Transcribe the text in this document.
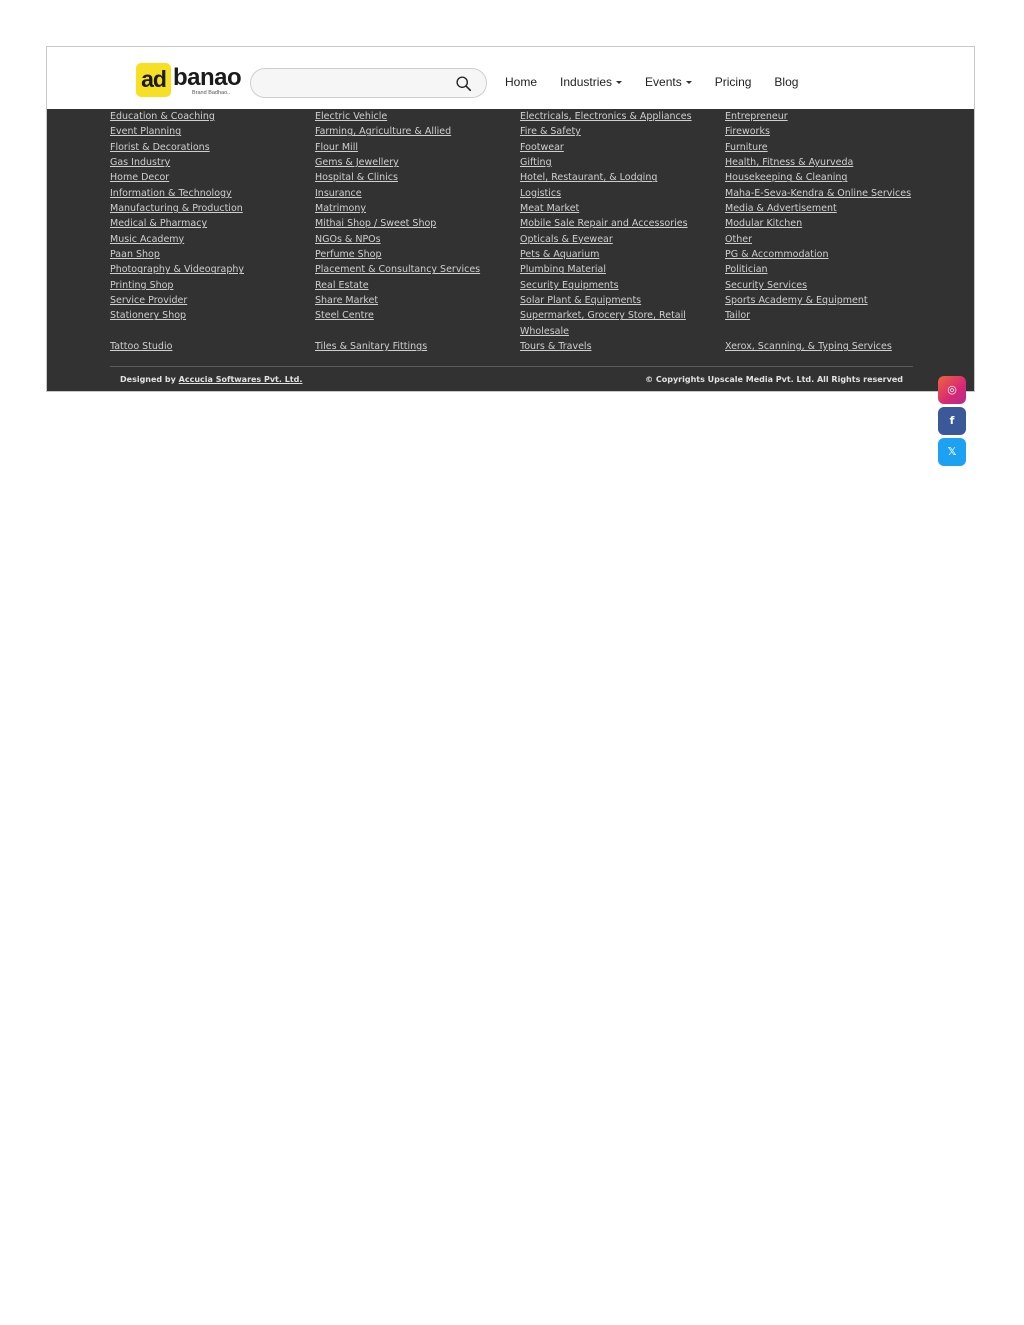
ad banao
Brand Badhao..
Home Industries	Events	Pricing Blog
Education & Coaching
Event Planning
Florist & Decorations
Gas Industry
Home Decor
Information & Technology
Manufacturing & Production
Medical & Pharmacy
Music Academy
Paan Shop
Photography & Videography
Printing Shop
Service Provider
Stationery Shop

Tattoo Studio
Electric Vehicle
Farming, Agriculture & Allied
Flour Mill
Gems & Jewellery
Hospital & Clinics
Insurance
Matrimony
Mithai Shop / Sweet Shop
NGOs & NPOs
Perfume Shop
Placement & Consultancy Services
Real Estate
Share Market
Steel Centre

Tiles & Sanitary Fittings
Electricals, Electronics & Appliances
Fire & Safety
Footwear
Gifting
Hotel, Restaurant, & Lodging
Logistics
Meat Market
Mobile Sale Repair and Accessories
Opticals & Eyewear
Pets & Aquarium
Plumbing Material
Security Equipments
Solar Plant & Equipments
Supermarket, Grocery Store, Retail
Wholesale
Tours & Travels
Entrepreneur
Fireworks
Furniture
Health, Fitness & Ayurveda
Housekeeping & Cleaning
Maha-E-Seva-Kendra & Online Services
Media & Advertisement
Modular Kitchen
Other
PG & Accommodation
Politician
Security Services
Sports Academy & Equipment
Tailor

Xerox, Scanning, & Typing Services
Designed by Accucia Softwares Pvt. Ltd.	© Copyrights Upscale Media Pvt. Ltd. All Rights reserved
◎
f
𝕏
